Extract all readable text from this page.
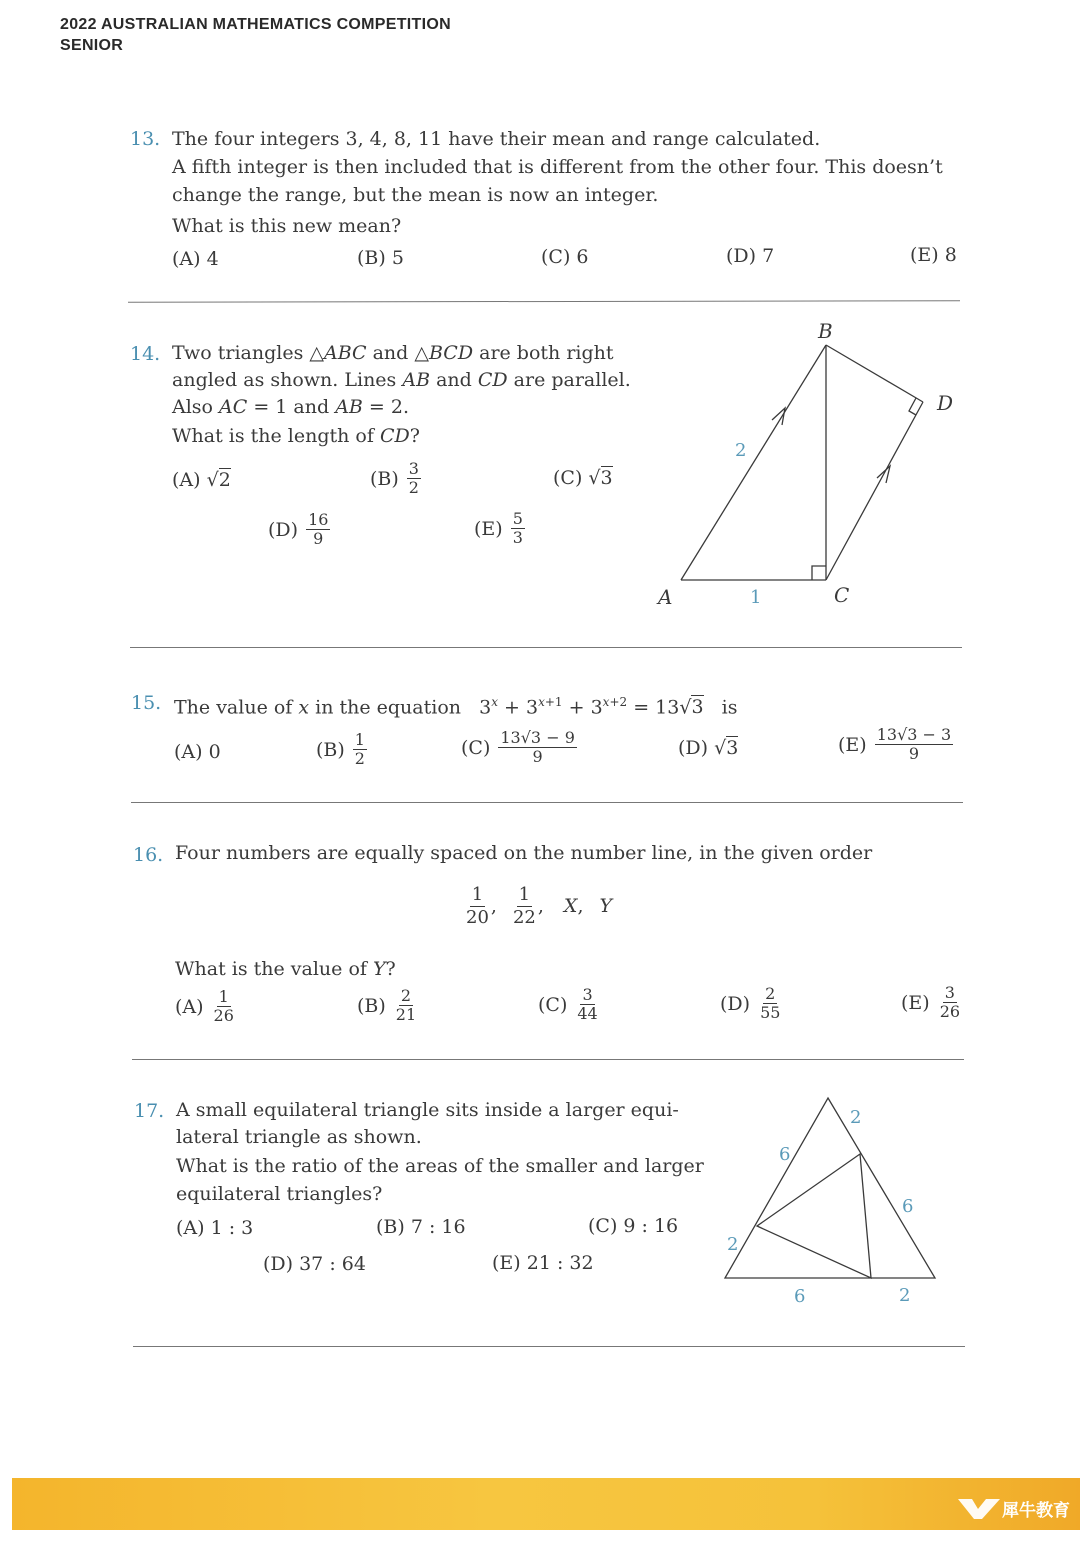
2022 AUSTRALIAN MATHEMATICS COMPETITION
SENIOR
13. The four integers 3, 4, 8, 11 have their mean and range calculated.
A fifth integer is then included that is different from the other four. This doesn’t
change the range, but the mean is now an integer.
What is this new mean?
(A) 4	(B) 5	(C) 6	(D) 7	(E) 8
14. Two triangles △ABC and △BCD are both right
angled as shown. Lines AB and CD are parallel.
Also AC = 1 and AB = 2.
What is the length of CD?
(A) √ 2	$(B) \frac{3}{2}$	(C) √ 3
$(D) \frac{16}{9}$	$(E) \frac{5}{3}$
B
D
A	C
2
1
15. The value of x in the equation   $3^x + 3^{x+1} + 3^{x+2} = 13√3$   is
(A) 0	$(B) \frac{1}{2}$	$(C) \frac{13√3 - 9}{9}$	(D) √ 3	$(E) \frac{13√3 - 3}{9}$
16. Four numbers are equally spaced on the number line, in the given order
$\frac{1}{20}$ , $\frac{1}{22}$ , X , Y
What is the value of Y?
$(A) \frac{1}{26}$	$(B) \frac{2}{21}$	$(C) \frac{3}{44}$	$(D) \frac{2}{55}$	$(E) \frac{3}{26}$
17. A small equilateral triangle sits inside a larger equi-
lateral triangle as shown.
What is the ratio of the areas of the smaller and larger
equilateral triangles?
(A) 1 : 3	(B) 7 : 16	(C) 9 : 16
(D) 37 : 64	(E) 21 : 32
2
6
6
2
6	2
犀牛教育
